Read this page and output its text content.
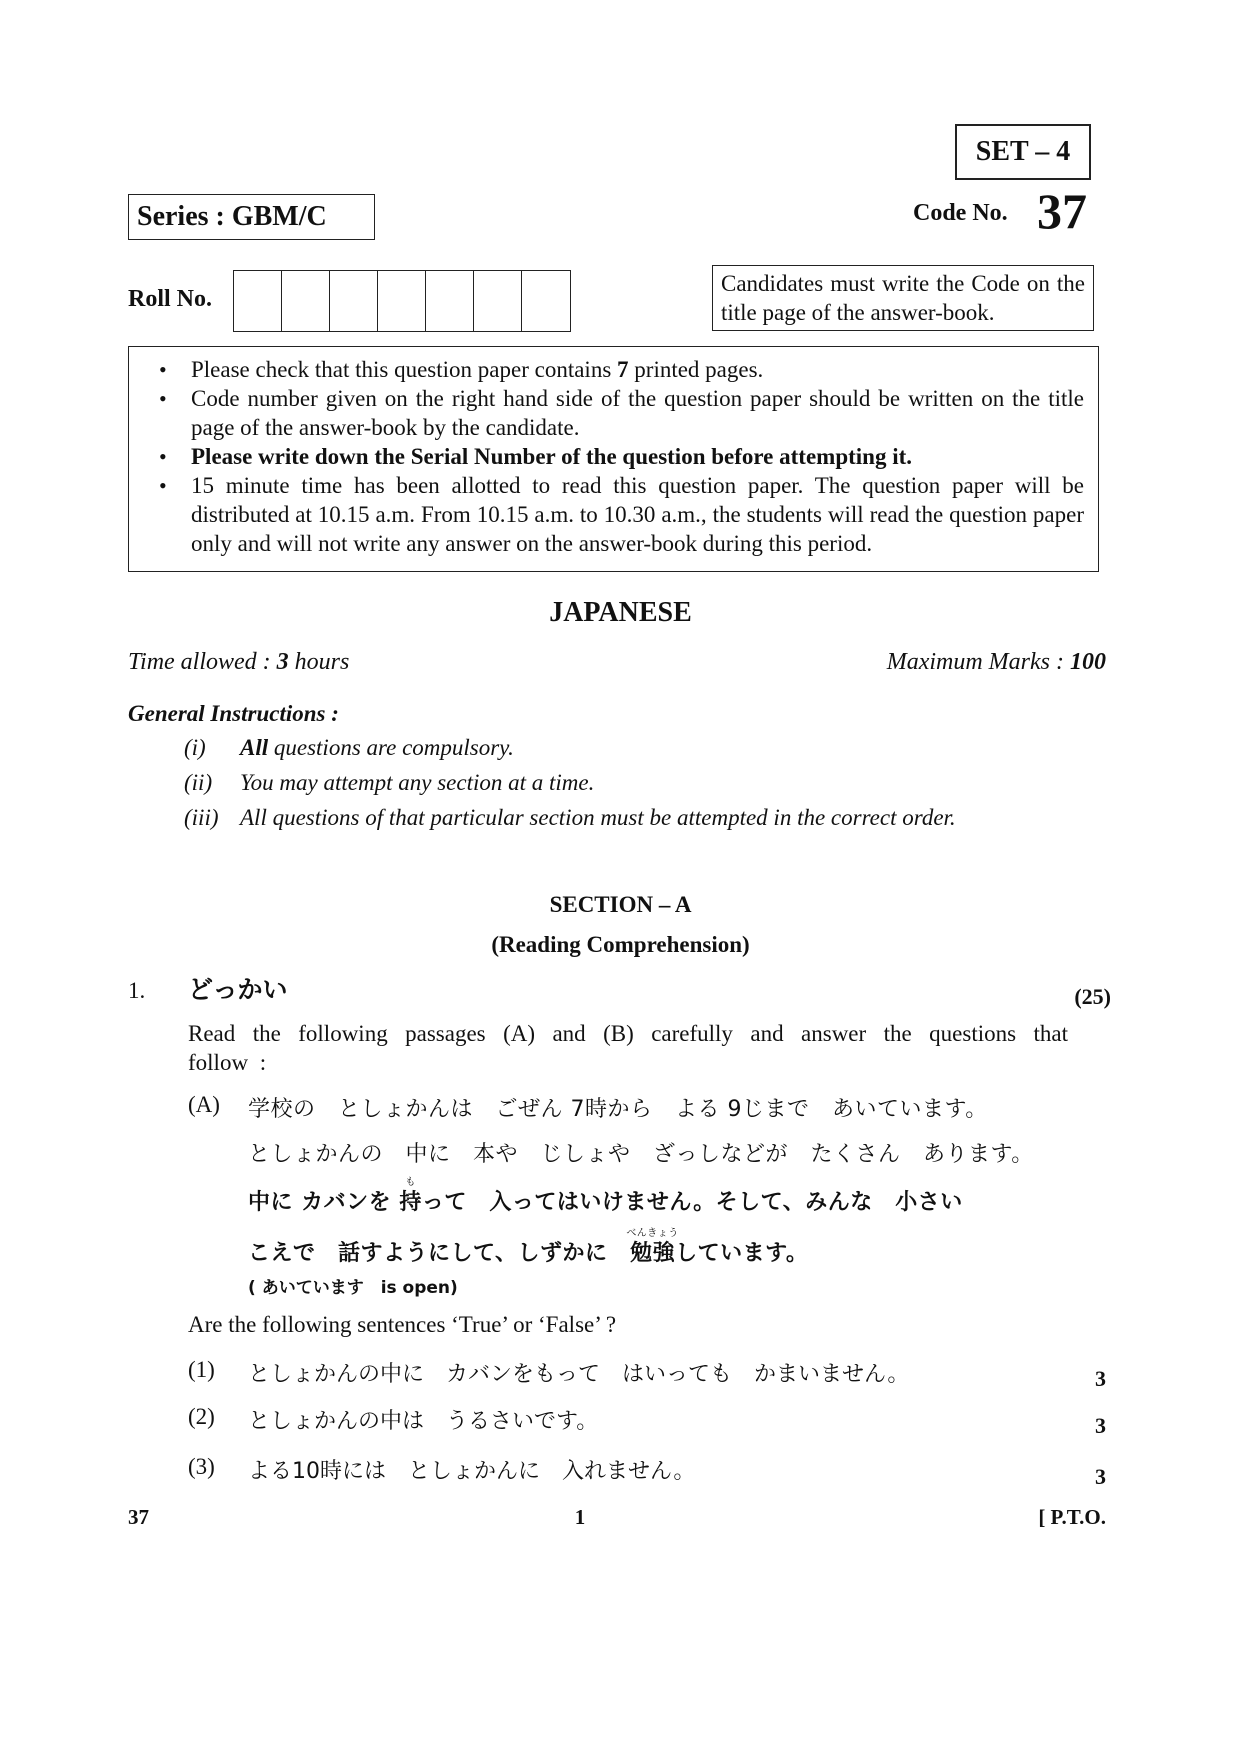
SET – 4
Series : GBM/C	Code No. 37
Roll No.
Candidates must write the Code on the title page of the answer-book.
•	Please check that this question paper contains 7 printed pages.
•	Code number given on the right hand side of the question paper should be written on the title page of the answer-book by the candidate.
•	Please write down the Serial Number of the question before attempting it.
•	15 minute time has been allotted to read this question paper. The question paper will be distributed at 10.15 a.m. From 10.15 a.m. to 10.30 a.m., the students will read the question paper only and will not write any answer on the answer-book during this period.
JAPANESE
Time allowed : 3 hours	Maximum Marks : 100
General Instructions :
(i)	All questions are compulsory.
(ii)	You may attempt any section at a time.
(iii) All questions of that particular section must be attempted in the correct order.
SECTION – A
(Reading Comprehension)
1. どっかい	(25)
Read the following passages (A) and (B) carefully and answer the questions that follow :
(A) 学校の　としょかんは　ごぜん 7時から　よる 9じまで　あいています。
としょかんの　中に　本や　じしょや　ざっしなどが　たくさん　あります。
中に カバンを
も
持って　入ってはいけません。そして、みんな　小さい
こえで　話すようにして、しずかに　
べんきょう
勉強しています。
( あいています　is open)
Are the following sentences ‘True’ or ‘False’ ?
(1) としょかんの中に　カバンをもって　はいっても　かまいません。	3
(2) としょかんの中は　うるさいです。	3
(3) よる10時には　としょかんに　入れません。	3
37	1	[ P.T.O.
